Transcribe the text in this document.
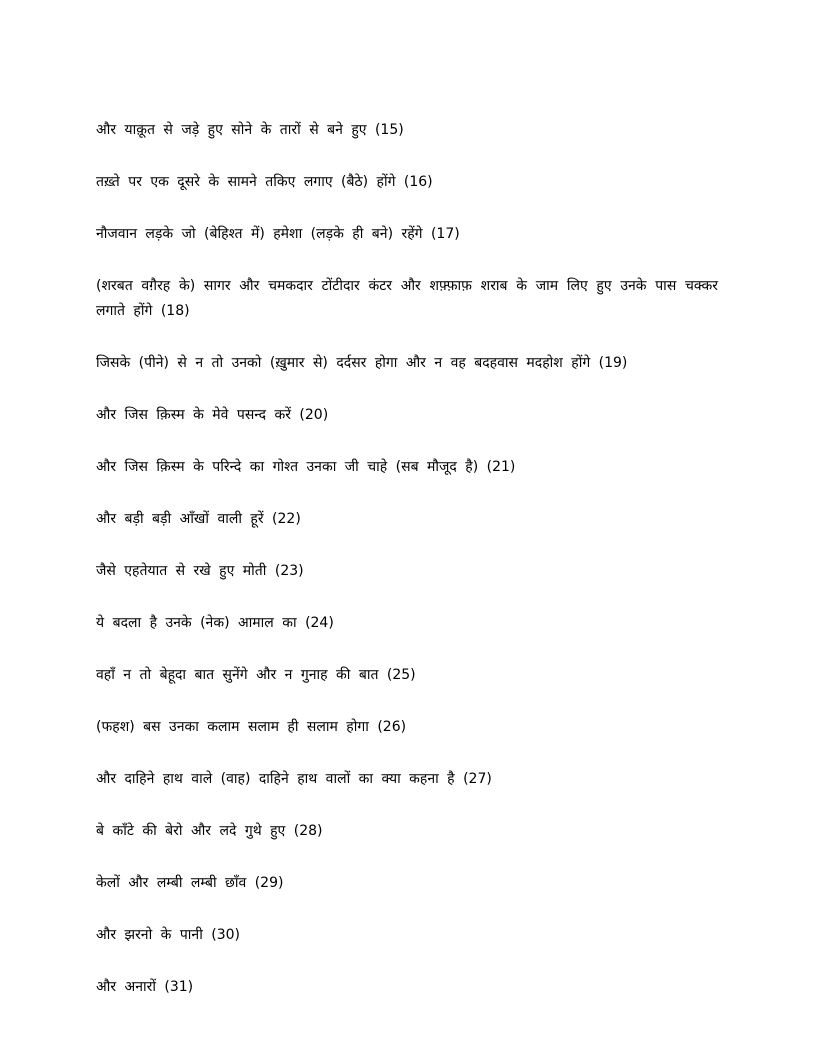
और याक़ूत से जड़े हुए सोने के तारों से बने हुए (15)

तख़्ते पर एक दूसरे के सामने तकिए लगाए (बैठे) होंगे (16)

नौजवान लड़के जो (बेहिश्त में) हमेशा (लड़के ही बने) रहेंगे (17)

(शरबत वग़ैरह के) सागर और चमकदार टोंटीदार कंटर और शफ़्फ़ाफ़ शराब के जाम लिए हुए उनके पास चक्कर लगाते होंगे (18)

जिसके (पीने) से न तो उनको (ख़ुमार से) दर्दसर होगा और न वह बदहवास मदहोश होंगे (19)

और जिस क़िस्म के मेवे पसन्द करें (20)

और जिस क़िस्म के परिन्दे का गोश्त उनका जी चाहे (सब मौजूद है) (21)

और बड़ी बड़ी आँखों वाली हूरें (22)

जैसे एहतेयात से रखे हुए मोती (23)

ये बदला है उनके (नेक) आमाल का (24)

वहाँ न तो बेहूदा बात सुनेंगे और न गुनाह की बात (25)

(फहश) बस उनका कलाम सलाम ही सलाम होगा (26)

और दाहिने हाथ वाले (वाह) दाहिने हाथ वालों का क्या कहना है (27)

बे काँटे की बेरो और लदे गुथे हुए (28)

केलों और लम्बी लम्बी छाँव (29)

और झरनो के पानी (30)

और अनारों (31)
